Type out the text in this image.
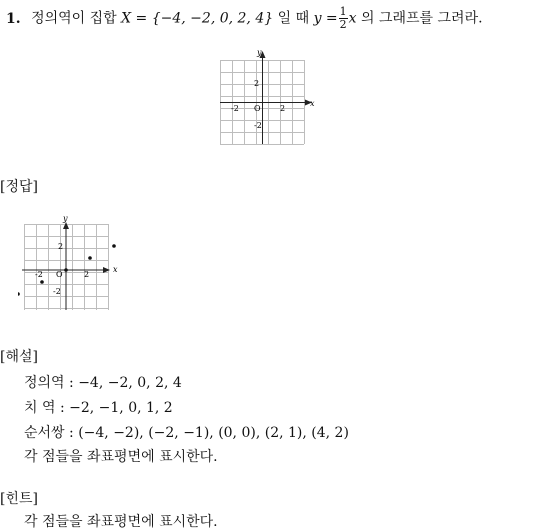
1. 정의역이 집합 X = {−4, −2, 0, 2, 4} 일 때 $y = \frac{1}{2}$ x 의 그래프를 그려라.
x
y
O
-2	2
2
-2
[정답]
x
y
O
-2	2
2
-2
[해설]
정의역 : −4, −2, 0, 2, 4
치 역 : −2, −1, 0, 1, 2
순서쌍 : (−4, −2), (−2, −1), (0, 0), (2, 1), (4, 2)
각 점들을 좌표평면에 표시한다.
[힌트]
각 점들을 좌표평면에 표시한다.
